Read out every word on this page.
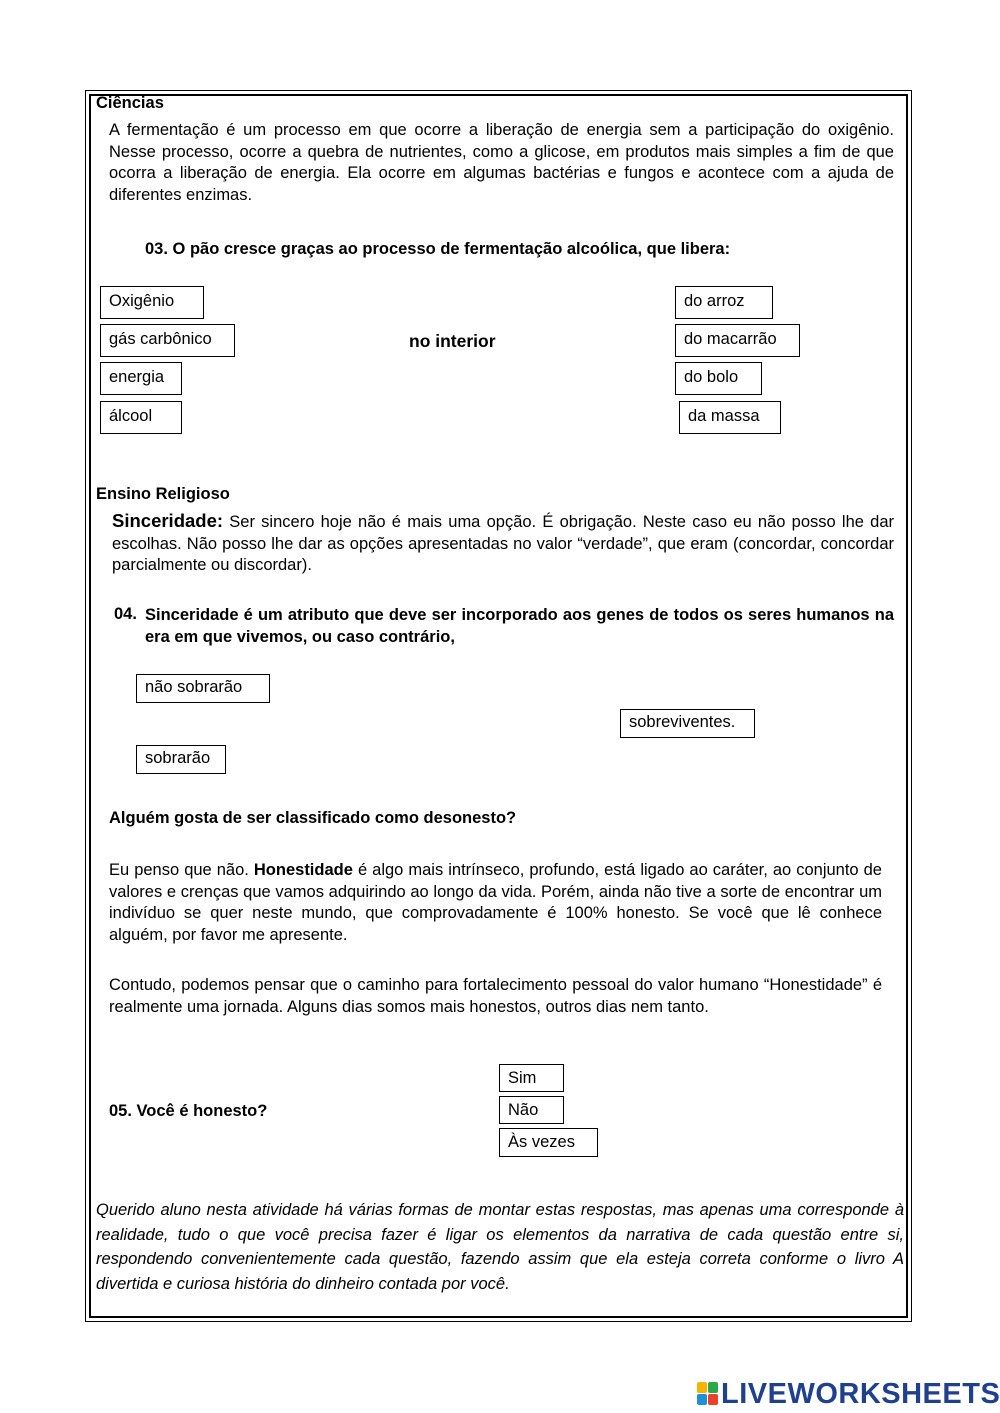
Ciências
A fermentação é um processo em que ocorre a liberação de energia sem a participação do oxigênio. Nesse processo, ocorre a quebra de nutrientes, como a glicose, em produtos mais simples a fim de que ocorra a liberação de energia. Ela ocorre em algumas bactérias e fungos e acontece com a ajuda de diferentes enzimas.
03. O pão cresce graças ao processo de fermentação alcoólica, que libera:
Oxigênio
gás carbônico
energia
álcool
no interior
do arroz
do macarrão
do bolo
da massa
Ensino Religioso
Sinceridade: Ser sincero hoje não é mais uma opção. É obrigação. Neste caso eu não posso lhe dar escolhas. Não posso lhe dar as opções apresentadas no valor “verdade”, que eram (concordar, concordar parcialmente ou discordar).
04. Sinceridade é um atributo que deve ser incorporado aos genes de todos os seres humanos na era em que vivemos, ou caso contrário,
não sobrarão
sobreviventes.
sobrarão
Alguém gosta de ser classificado como desonesto?
Eu penso que não. Honestidade é algo mais intrínseco, profundo, está ligado ao caráter, ao conjunto de valores e crenças que vamos adquirindo ao longo da vida. Porém, ainda não tive a sorte de encontrar um indivíduo se quer neste mundo, que comprovadamente é 100% honesto. Se você que lê conhece alguém, por favor me apresente.
Contudo, podemos pensar que o caminho para fortalecimento pessoal do valor humano “Honestidade” é realmente uma jornada. Alguns dias somos mais honestos, outros dias nem tanto.
05. Você é honesto?
Sim
Não
Às vezes
Querido aluno nesta atividade há várias formas de montar estas respostas, mas apenas uma corresponde à realidade, tudo o que você precisa fazer é ligar os elementos da narrativa de cada questão entre si, respondendo convenientemente cada questão, fazendo assim que ela esteja correta conforme o livro A divertida e curiosa história do dinheiro contada por você.
LIVEWORKSHEETS
